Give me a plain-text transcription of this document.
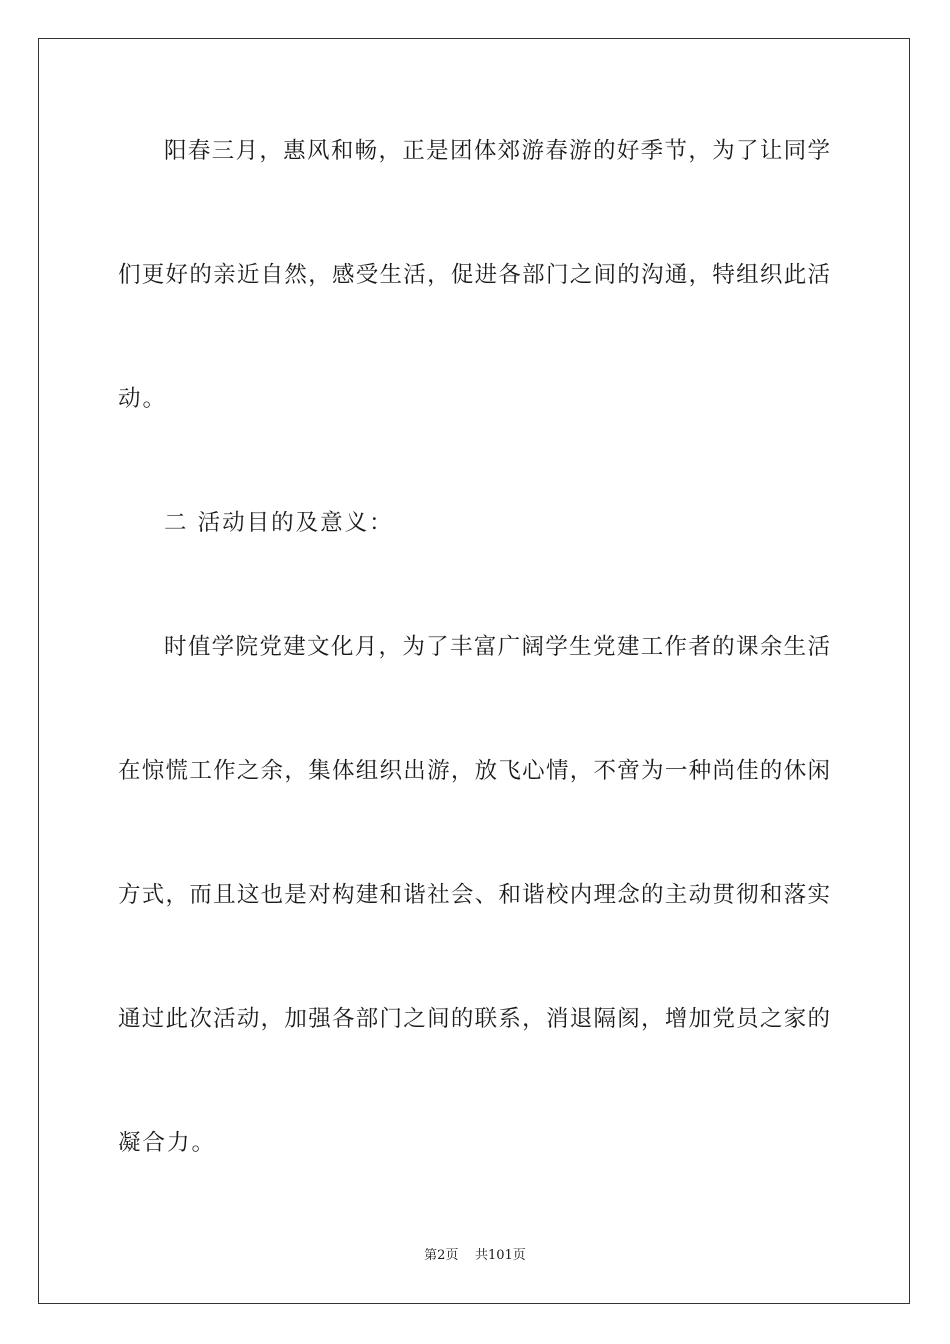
阳春三月，惠风和畅，正是团体郊游春游的好季节，为了让同学
们更好的亲近自然，感受生活，促进各部门之间的沟通，特组织此活
动。
二 活动目的及意义：
时值学院党建文化月，为了丰富广阔学生党建工作者的课余生活
在惊慌工作之余，集体组织出游，放飞心情，不啻为一种尚佳的休闲
方式，而且这也是对构建和谐社会、和谐校内理念的主动贯彻和落实
通过此次活动，加强各部门之间的联系，消退隔阂，增加党员之家的
凝合力。
第2页 共101页
